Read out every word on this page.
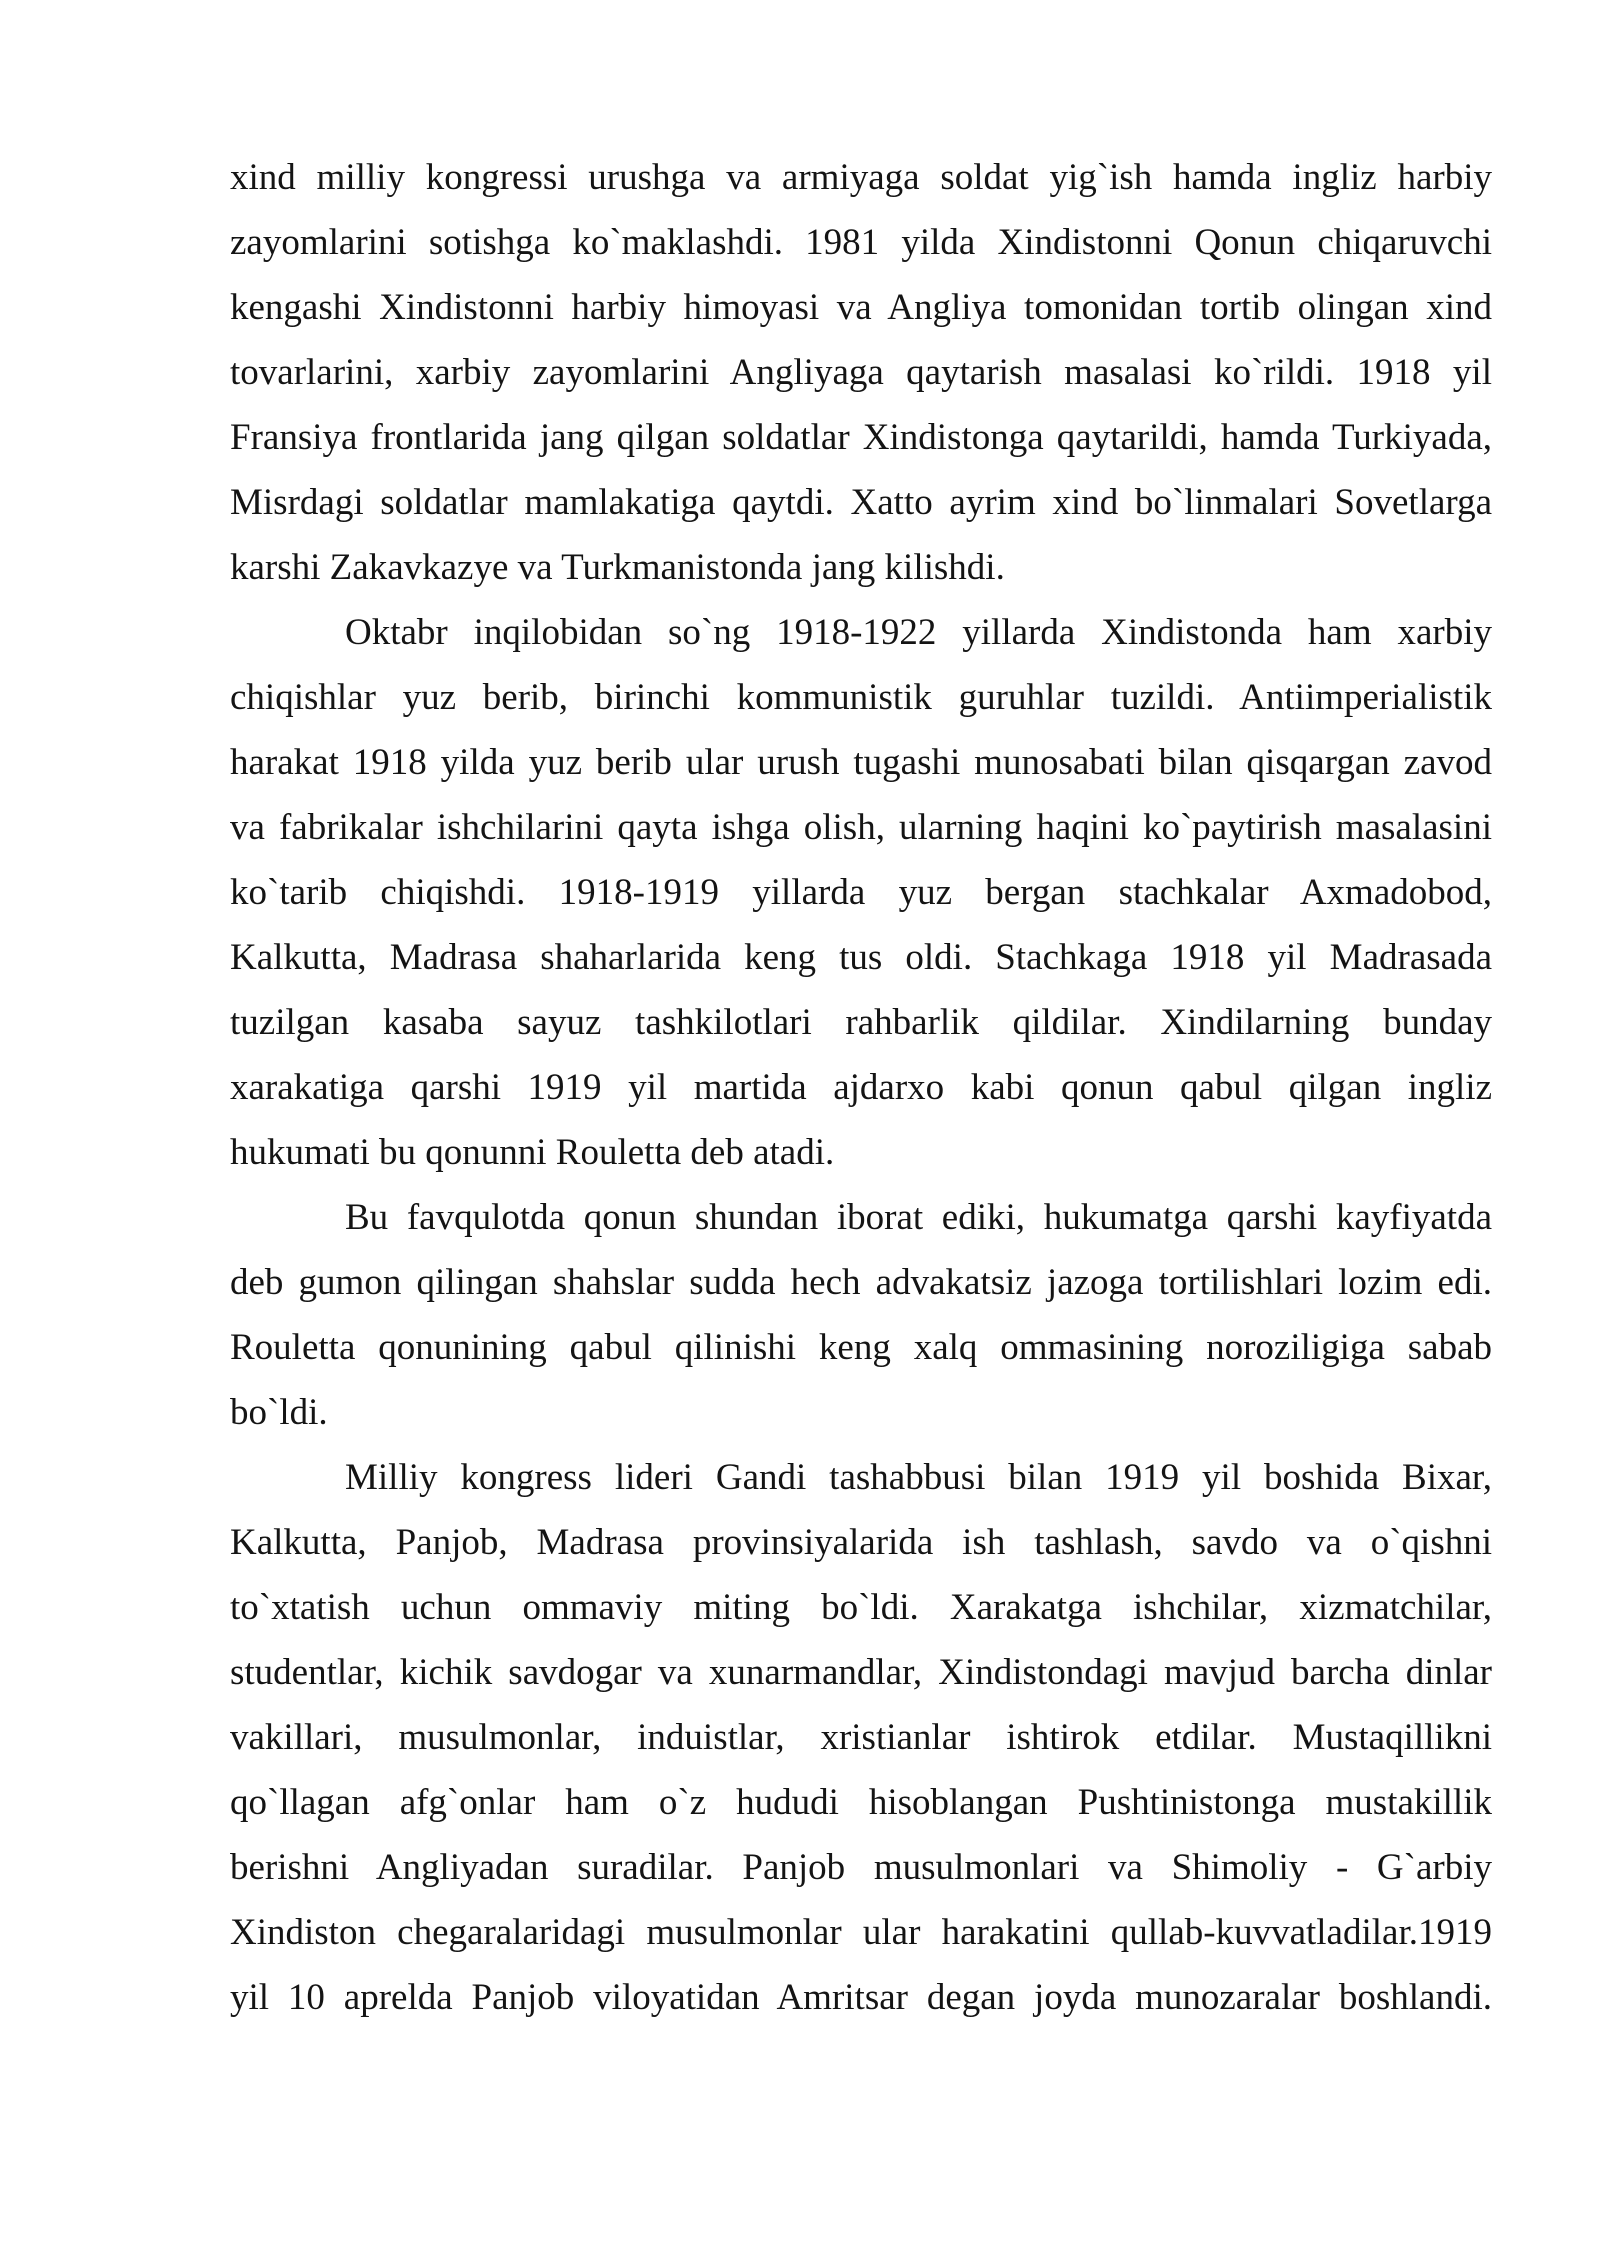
xind milliy kongressi urushga va armiyaga soldat yig`ish hamda ingliz harbiy
zayomlarini sotishga ko`maklashdi. 1981 yilda Xindistonni Qonun chiqaruvchi
kengashi Xindistonni harbiy himoyasi va Angliya tomonidan tortib olingan xind
tovarlarini, xarbiy zayomlarini Angliyaga qaytarish masalasi ko`rildi. 1918 yil
Fransiya frontlarida jang qilgan soldatlar Xindistonga qaytarildi, hamda Turkiyada,
Misrdagi soldatlar mamlakatiga qaytdi. Xatto ayrim xind bo`linmalari Sovetlarga
karshi Zakavkazye va Turkmanistonda jang kilishdi.
Oktabr inqilobidan so`ng 1918-1922 yillarda Xindistonda ham xarbiy
chiqishlar yuz berib, birinchi kommunistik guruhlar tuzildi. Antiimperialistik
harakat 1918 yilda yuz berib ular urush tugashi munosabati bilan qisqargan zavod
va fabrikalar ishchilarini qayta ishga olish, ularning haqini ko`paytirish masalasini
ko`tarib chiqishdi. 1918-1919 yillarda yuz bergan stachkalar Axmadobod,
Kalkutta, Madrasa shaharlarida keng tus oldi. Stachkaga 1918 yil Madrasada
tuzilgan kasaba sayuz tashkilotlari rahbarlik qildilar. Xindilarning bunday
xarakatiga qarshi 1919 yil martida ajdarxo kabi qonun qabul qilgan ingliz
hukumati bu qonunni Rouletta deb atadi.
Bu favqulotda qonun shundan iborat ediki, hukumatga qarshi kayfiyatda
deb gumon qilingan shahslar sudda hech advakatsiz jazoga tortilishlari lozim edi.
Rouletta qonunining qabul qilinishi keng xalq ommasining noroziligiga sabab
bo`ldi.
Milliy kongress lideri Gandi tashabbusi bilan 1919 yil boshida Bixar,
Kalkutta, Panjob, Madrasa provinsiyalarida ish tashlash, savdo va o`qishni
to`xtatish uchun ommaviy miting bo`ldi. Xarakatga ishchilar, xizmatchilar,
studentlar, kichik savdogar va xunarmandlar, Xindistondagi mavjud barcha dinlar
vakillari, musulmonlar, induistlar, xristianlar ishtirok etdilar. Mustaqillikni
qo`llagan afg`onlar ham o`z hududi hisoblangan Pushtinistonga mustakillik
berishni Angliyadan suradilar. Panjob musulmonlari va Shimoliy - G`arbiy
Xindiston chegaralaridagi musulmonlar ular harakatini qullab-kuvvatladilar.1919
yil 10 aprelda Panjob viloyatidan Amritsar degan joyda munozaralar boshlandi.
